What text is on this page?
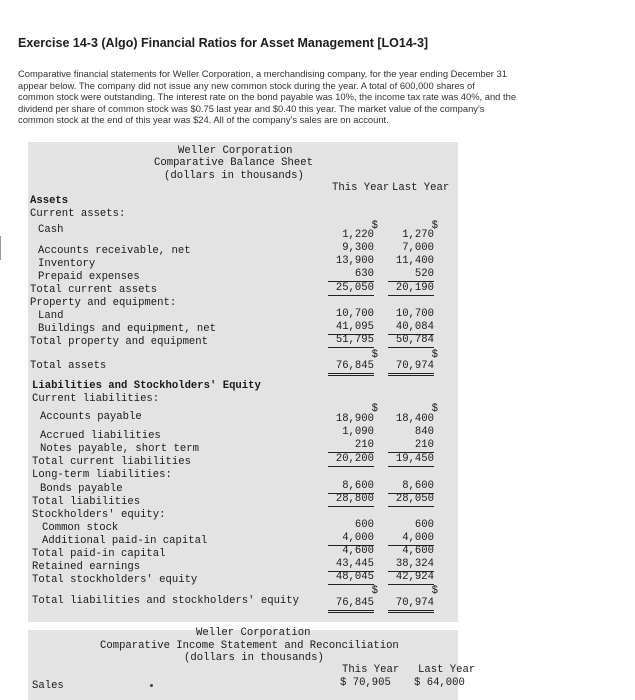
Exercise 14-3 (Algo) Financial Ratios for Asset Management [LO14-3]
Comparative financial statements for Weller Corporation, a merchandising company, for the year ending December 31
appear below. The company did not issue any new common stock during the year. A total of 600,000 shares of
common stock were outstanding. The interest rate on the bond payable was 10%, the income tax rate was 40%, and the
dividend per share of common stock was $0.75 last year and $0.40 this year. The market value of the company's
common stock at the end of this year was $24. All of the company's sales are on account.
Weller Corporation
Comparative Balance Sheet
(dollars in thousands)
This Year Last Year
Assets
Current assets:
$	$
Cash	1,220	1,270
Accounts receivable, net	9,300	7,000
Inventory	13,900	11,400
Prepaid expenses	630	520
Total current assets	25,050	20,190
Property and equipment:
Land	10,700	10,700
Buildings and equipment, net	41,095	40,084
Total property and equipment	51,795	50,784
$	$
Total assets	76,845	70,974
Liabilities and Stockholders' Equity
Current liabilities:
$	$
Accounts payable	18,900	18,400
Accrued liabilities	1,090	840
Notes payable, short term	210	210
Total current liabilities	20,200	19,450
Long-term liabilities:
Bonds payable	8,600	8,600
Total liabilities	28,800	28,050
Stockholders' equity:
Common stock	600	600
Additional paid-in capital	4,000	4,000
Total paid-in capital	4,600	4,600
Retained earnings	43,445	38,324
Total stockholders' equity	48,045	42,924
$	$
Total liabilities and stockholders' equity	76,845	70,974
Weller Corporation
Comparative Income Statement and Reconciliation
(dollars in thousands)
This Year Last Year
Sales	$ 70,905 $ 64,000
